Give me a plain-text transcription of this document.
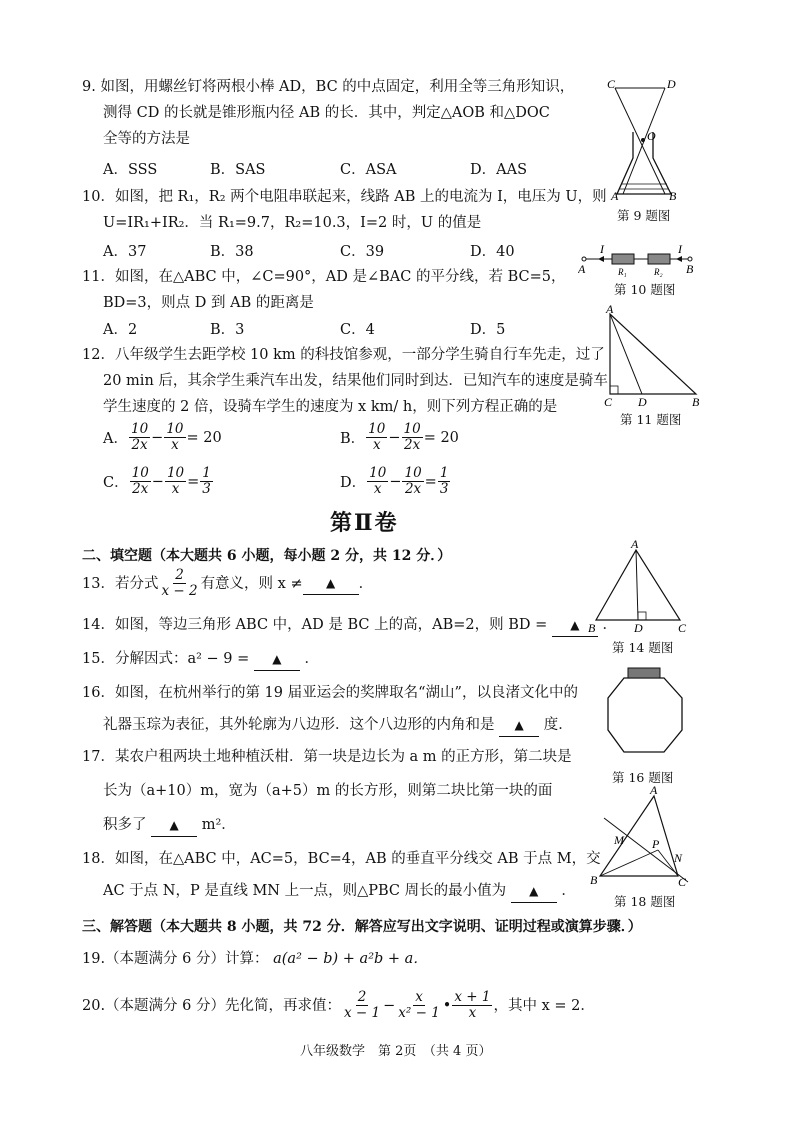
9. 如图，用螺丝钉将两根小棒 AD，BC 的中点固定，利用全等三角形知识，
测得 CD 的长就是锥形瓶内径 AB 的长．其中，判定△AOB 和△DOC
全等的方法是
A．SSS	B．SAS	C．ASA	D．AAS
C	D
O
A	B
第 9 题图
10．如图，把 R₁，R₂ 两个电阻串联起来，线路 AB 上的电流为 I，电压为 U，则
U=IR₁+IR₂．当 R₁=9.7，R₂=10.3，I=2 时，U 的值是
A．37	B．38	C．39	D．40	I	I
A	B
R₁	R₂
第 10 题图
11．如图，在△ABC 中，∠C=90°，AD 是∠BAC 的平分线，若 BC=5，
BD=3，则点 D 到 AB 的距离是
A．2	B．3	C．4	D．5
A
C D	B
第 11 题图
12．八年级学生去距学校 10 km 的科技馆参观，一部分学生骑自行车先走，过了
20 min 后，其余学生乘汽车出发，结果他们同时到达．已知汽车的速度是骑车
学生速度的 2 倍，设骑车学生的速度为 x km/ h，则下列方程正确的是
A． $\frac{10}{2x} - \frac{10}{x} = 20$	B． $\frac{10}{x} - \frac{10}{2x} = 20$
C． $\frac{10}{2x} - \frac{10}{x} = \frac{1}{3}$	D． $\frac{10}{x} - \frac{10}{2x} = \frac{1}{3}$
第Ⅱ卷
二、填空题（本大题共 6 小题，每小题 2 分，共 12 分．）
13．若分式 $\frac{2}{x - 2}$ 有意义，则 x ≠	▲	．
14．如图，等边三角形 ABC 中，AD 是 BC 上的高，AB=2，则 BD = ▲ ．
A
B	D	C
第 14 题图
15．分解因式：a² − 9 = ▲ ．
16．如图，在杭州举行的第 19 届亚运会的奖牌取名“湖山”，以良渚文化中的
礼器玉琮为表征，其外轮廓为八边形．这个八边形的内角和是 ▲ 度．
第 16 题图
17．某农户租两块土地种植沃柑．第一块是边长为 a m 的正方形，第二块是
长为（a+10）m，宽为（a+5）m 的长方形，则第二块比第一块的面
积多了 ▲ m²．
18．如图，在△ABC 中，AC=5，BC=4，AB 的垂直平分线交 AB 于点 M，交
AC 于点 N，P 是直线 MN 上一点，则△PBC 周长的最小值为 ▲ ．
A
M P
N
B	C
第 18 题图
三、解答题（本大题共 8 小题，共 72 分．解答应写出文字说明、证明过程或演算步骤．）
19.（本题满分 6 分）计算： a(a² − b) + a²b + a．
20.（本题满分 6 分）先化简，再求值： $\frac{2}{x - 1} - \frac{x}{\text{x² − 1}}$ • $\frac{x + 1}{x}$ ，其中 x = 2．
八年级数学　第 2页　（共 4 页）
